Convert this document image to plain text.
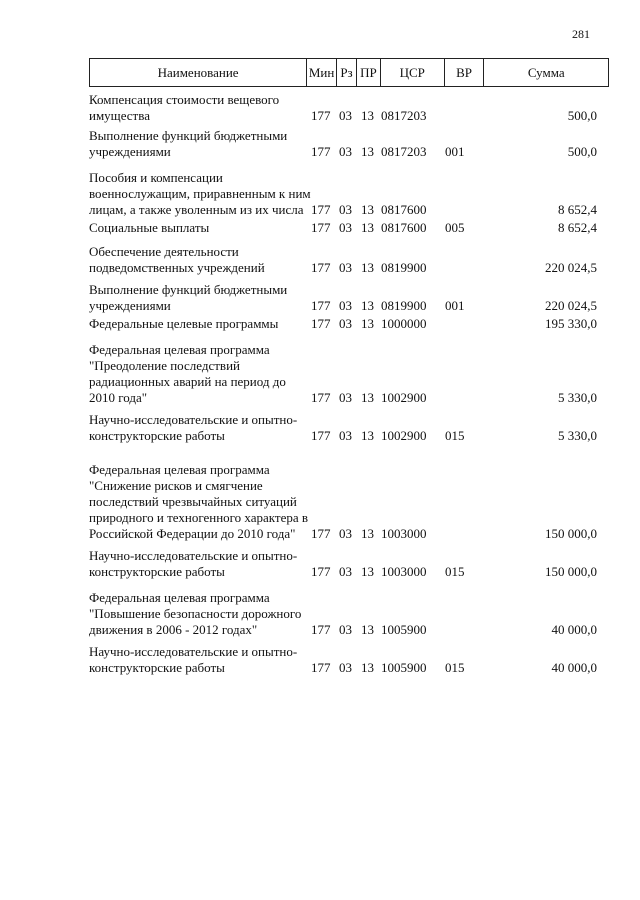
281
Наименование	Мин Рз ПР	ЦСР	ВР	Сумма
Компенсация стоимости вещевого имущества	177 03 13 0817203	500,0
Выполнение функций бюджетными учреждениями	177 03 13 0817203	001	500,0
Пособия и компенсации военнослужащим, приравненным к ним лицам, а также уволенным из их числа 177 03 13 0817600	8 652,4
Социальные выплаты	177 03 13 0817600	005	8 652,4
Обеспечение деятельности подведомственных учреждений	177 03 13 0819900	220 024,5
Выполнение функций бюджетными учреждениями	177 03 13 0819900	001	220 024,5
Федеральные целевые программы	177 03 13 1000000	195 330,0
Федеральная целевая программа "Преодоление последствий радиационных аварий на период до 2010 года"	177 03 13 1002900	5 330,0
Научно-исследовательские и опытно-конструкторские работы	177 03 13 1002900	015	5 330,0
Федеральная целевая программа "Снижение рисков и смягчение последствий чрезвычайных ситуаций природного и техногенного характера в Российской Федерации до 2010 года"	177 03 13 1003000	150 000,0
Научно-исследовательские и опытно-конструкторские работы	177 03 13 1003000	015	150 000,0
Федеральная целевая программа "Повышение безопасности дорожного движения в 2006 - 2012 годах"	177 03 13 1005900	40 000,0
Научно-исследовательские и опытно-конструкторские работы	177 03 13 1005900	015	40 000,0
